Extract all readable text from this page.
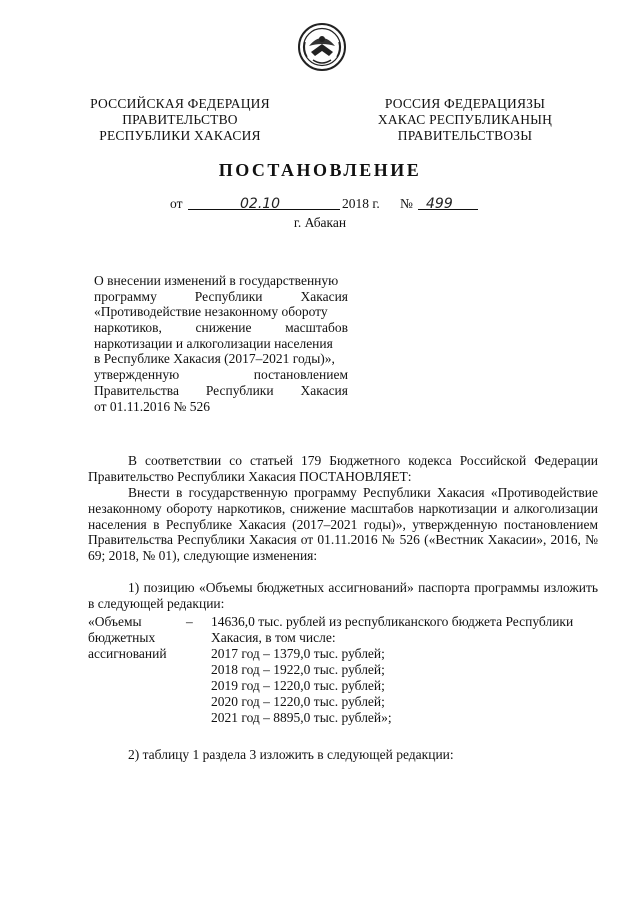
РОССИЙСКАЯ ФЕДЕРАЦИЯ
ПРАВИТЕЛЬСТВО
РЕСПУБЛИКИ ХАКАСИЯ
РОССИЯ ФЕДЕРАЦИЯЗЫ
ХАКАС РЕСПУБЛИКАНЫҢ
ПРАВИТЕЛЬСТВОЗЫ
ПОСТАНОВЛЕНИЕ
от	02.10	2018 г. № 499
г. Абакан
О внесении изменений в государственную
программу Республики Хакасия
«Противодействие незаконному обороту
наркотиков, снижение масштабов
наркотизации и алкоголизации населения
в Республике Хакасия (2017–2021 годы)»,
утвержденную постановлением
Правительства Республики Хакасия
от 01.11.2016 № 526
В соответствии со статьей 179 Бюджетного кодекса Российской Федерации Правительство Республики Хакасия ПОСТАНОВЛЯЕТ:
Внести в государственную программу Республики Хакасия «Противодействие незаконному обороту наркотиков, снижение масштабов наркотизации и алкоголизации населения в Республике Хакасия (2017–2021 годы)», утвержденную постановлением Правительства Республики Хакасия от 01.11.2016 № 526 («Вестник Хакасии», 2016, № 69; 2018, № 01), следующие изменения:
1) позицию «Объемы бюджетных ассигнований» паспорта программы изложить в следующей редакции:
«Объемы
бюджетных
ассигнований
– 14636,0 тыс. рублей из республиканского бюджета Республики
Хакасия, в том числе:
2017 год – 1379,0 тыс. рублей;
2018 год – 1922,0 тыс. рублей;
2019 год – 1220,0 тыс. рублей;
2020 год – 1220,0 тыс. рублей;
2021 год – 8895,0 тыс. рублей»;
2) таблицу 1 раздела 3 изложить в следующей редакции:
